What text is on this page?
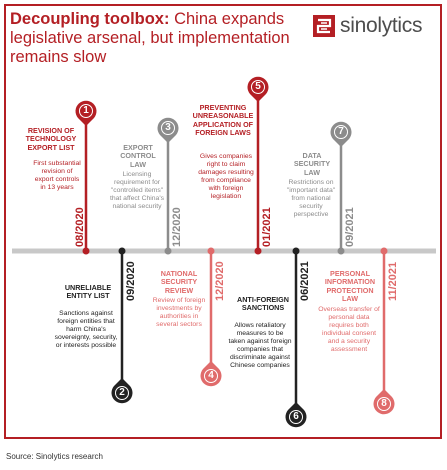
Decoupling toolbox: China expands legislative arsenal, but implementation remains slow
sinolytics
1
2
3
4
5
6
7
8
08/2020
09/2020
12/2020
12/2020
01/2021
06/2021
09/2021
11/2021
REVISION OF TECHNOLOGY EXPORT LIST
First substantial revision of export controls in 13 years
UNRELIABLE ENTITY LIST
Sanctions against foreign entities that harm China's sovereignty, security, or interests possible
EXPORT CONTROL LAW
Licensing requirement for "controlled items" that affect China's national security
NATIONAL SECURITY REVIEW
Review of foreign investments by authorities in several sectors
PREVENTING UNREASONABLE APPLICATION OF FOREIGN LAWS
Gives companies right to claim damages resulting from compliance with foreign legislation
ANTI-FOREIGN SANCTIONS
Allows retaliatory measures to be taken against foreign companies that discriminate against Chinese companies
DATA SECURITY LAW
Restrictions on "important data" from national security perspective
PERSONAL INFORMATION PROTECTION LAW
Overseas transfer of personal data requires both individual consent and a security assessment
Source: Sinolytics research
